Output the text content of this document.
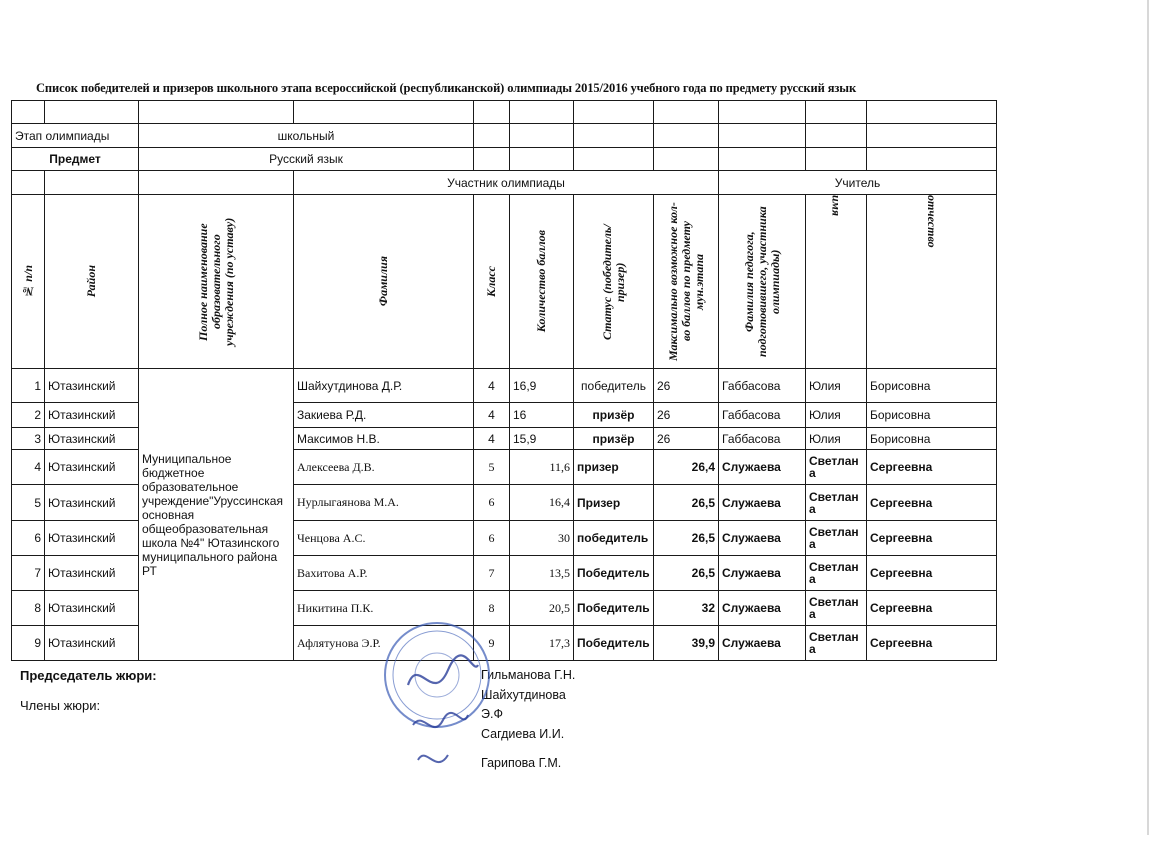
Список победителей и призеров школьного этапа всероссийской (республиканской) олимпиады 2015/2016 учебного года по предмету русский язык

Этап олимпиады		школьный								
Предмет		Русский язык								
			Участник олимпиады					Учитель		

№ п/п	Район	Полное наименование образовательного учреждения (по уставу)	Фамилия	Класс	Количество баллов	Статус (победитель/призер)	Максимально возможное кол-во баллов по предмету мун.этапа	Фамилия педагога, подготовившего, участника олимпиады)	имя	отчество

1	Ютазинский	Муниципальное бюджетное образовательное учреждение"Уруссинская основная общеобразовательная школа №4" Ютазинского муниципального района РТ	Шайхутдинова Д.Р.	4	16,9	победитель	26	Габбасова	Юлия	Борисовна
2	Ютазинский		Закиева Р.Д.	4	16	призёр	26	Габбасова	Юлия	Борисовна
3	Ютазинский		Максимов Н.В.	4	15,9	призёр	26	Габбасова	Юлия	Борисовна
4	Ютазинский		Алексеева Д.В.	5	11,6	призер	26,4	Служаева	Светлана	Сергеевна
5	Ютазинский		Нурлыгаянова М.А.	6	16,4	Призер	26,5	Служаева	Светлана	Сергеевна
6	Ютазинский		Ченцова А.С.	6	30	победитель	26,5	Служаева	Светлана	Сергеевна
7	Ютазинский		Вахитова А.Р.	7	13,5	Победитель	26,5	Служаева	Светлана	Сергеевна
8	Ютазинский		Никитина П.К.	8	20,5	Победитель	32	Служаева	Светлана	Сергеевна
9	Ютазинский		Афлятунова Э.Р.	9	17,3	Победитель	39,9	Служаева	Светлана	Сергеевна
Председатель жюри:	Гильманова Г.Н.
Члены жюри:
Шайхутдинова
Э.Ф
Сагдиева И.И.
Гарипова Г.М.
